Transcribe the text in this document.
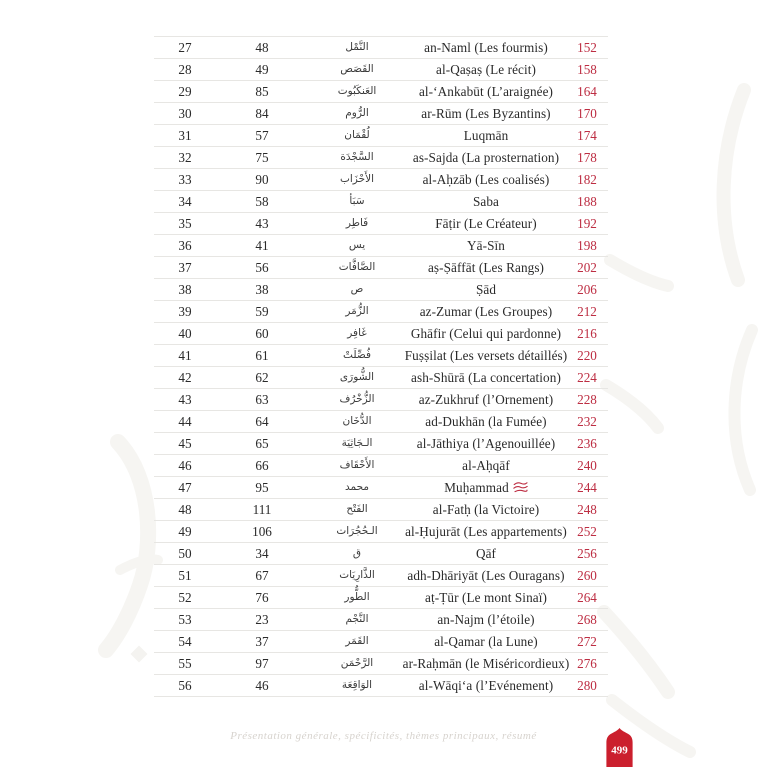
27	48	النَّمْل	an-Naml (Les fourmis)	152
28	49	القَصَص	al-Qaṣaṣ (Le récit)	158
29	85	العَنكَبُوت	al-‘Ankabūt (L’araignée)	164
30	84	الرُّوم	ar-Rūm (Les Byzantins)	170
31	57	لُقْمَان	Luqmān	174
32	75	السَّجْدَة	as-Sajda (La prosternation)	178
33	90	الأَحْزَاب	al-Aḥzāb (Les coalisés)	182
34	58	سَبَأ	Saba	188
35	43	فَاطِر	Fāṭir (Le Créateur)	192
36	41	يس	Yā-Sīn	198
37	56	الصَّافَّات	aṣ-Ṣāffāt (Les Rangs)	202
38	38	ص	Ṣād	206
39	59	الزُّمَر	az-Zumar (Les Groupes)	212
40	60	غَافِر	Ghāfir (Celui qui pardonne)	216
41	61	فُصِّلَتْ	Fuṣṣilat (Les versets détaillés) 220
42	62	الشُّورَى	ash-Shūrā (La concertation)	224
43	63	الزُّخْرُف	az-Zukhruf (l’Ornement)	228
44	64	الدُّخَان	ad-Dukhān (la Fumée)	232
45	65	الـجَاثِيَة	al-Jāthiya (l’Agenouillée)	236
46	66	الأَحْقَاف	al-Aḥqāf	240
47	95	محمد	Muḥammad	244
48	111	الفَتْح	al-Fatḥ (la Victoire)	248
49	106	الـحُجُرَات	al-Ḥujurāt (Les appartements) 252
50	34	ق	Qāf	256
51	67	الذَّارِيَات	adh-Dhāriyāt (Les Ouragans) 260
52	76	الطُّور	aṭ-Ṭūr (Le mont Sinaï)	264
53	23	النَّجْم	an-Najm (l’étoile)	268
54	37	القَمَر	al-Qamar (la Lune)	272
55	97	الرَّحْمَن	ar-Raḥmān (le Miséricordieux) 276
56	46	الوَاقِعَة	al-Wāqi‘a (l’Evénement)	280
Présentation générale, spécificités, thèmes principaux, résumé
499
